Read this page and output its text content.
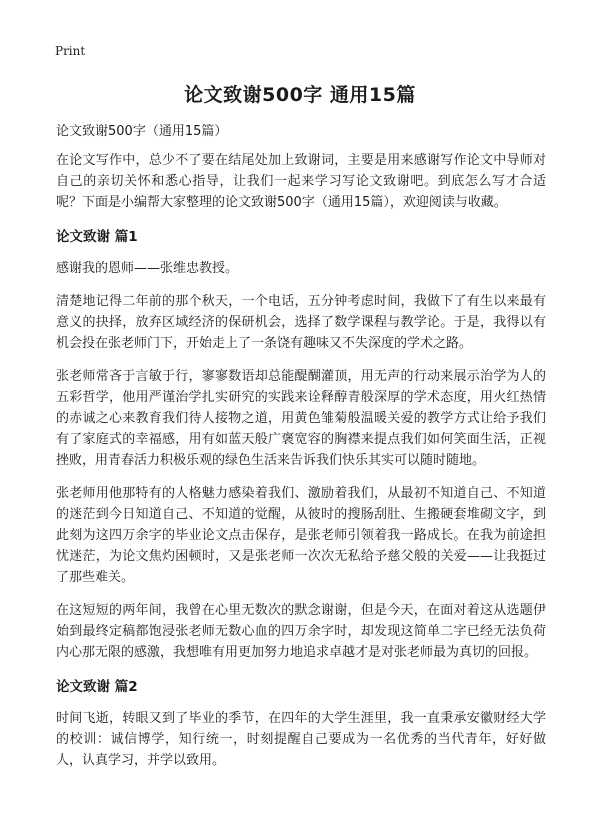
Print
论文致谢500字 通用15篇
论文致谢500字（通用15篇）

在论文写作中，总少不了要在结尾处加上致谢词，主要是用来感谢写作论文中导师对自己的亲切关怀和悉心指导，让我们一起来学习写论文致谢吧。到底怎么写才合适呢？下面是小编帮大家整理的论文致谢500字（通用15篇），欢迎阅读与收藏。

论文致谢 篇1

感谢我的恩师——张维忠教授。

清楚地记得二年前的那个秋天，一个电话，五分钟考虑时间，我做下了有生以来最有意义的抉择，放弃区域经济的保研机会，选择了数学课程与教学论。于是，我得以有机会投在张老师门下，开始走上了一条饶有趣味又不失深度的学术之路。

张老师常吝于言敏于行，寥寥数语却总能醍醐灌顶，用无声的行动来展示治学为人的五彩哲学，他用严谨治学扎实研究的实践来诠释醇青般深厚的学术态度，用火红热情的赤诚之心来教育我们待人接物之道，用黄色雏菊般温暖关爱的教学方式让给予我们有了家庭式的幸福感，用有如蓝天般广褒宽容的胸襟来提点我们如何笑面生活，正视挫败，用青春活力积极乐观的绿色生活来告诉我们快乐其实可以随时随地。

张老师用他那特有的人格魅力感染着我们、激励着我们，从最初不知道自己、不知道的迷茫到今日知道自己、不知道的觉醒，从彼时的搜肠刮肚、生搬硬套堆砌文字，到此刻为这四万余字的毕业论文点击保存，是张老师引领着我一路成长。在我为前途担忧迷茫，为论文焦灼困顿时，又是张老师一次次无私给予慈父般的关爱——让我挺过了那些难关。

在这短短的两年间，我曾在心里无数次的默念谢谢，但是今天，在面对着这从选题伊始到最终定稿都饱浸张老师无数心血的四万余字时，却发现这简单二字已经无法负荷内心那无限的感激，我想唯有用更加努力地追求卓越才是对张老师最为真切的回报。

论文致谢 篇2

时间飞逝，转眼又到了毕业的季节，在四年的大学生涯里，我一直秉承安徽财经大学的校训：诚信博学，知行统一，时刻提醒自己要成为一名优秀的当代青年，好好做人，认真学习，并学以致用。
